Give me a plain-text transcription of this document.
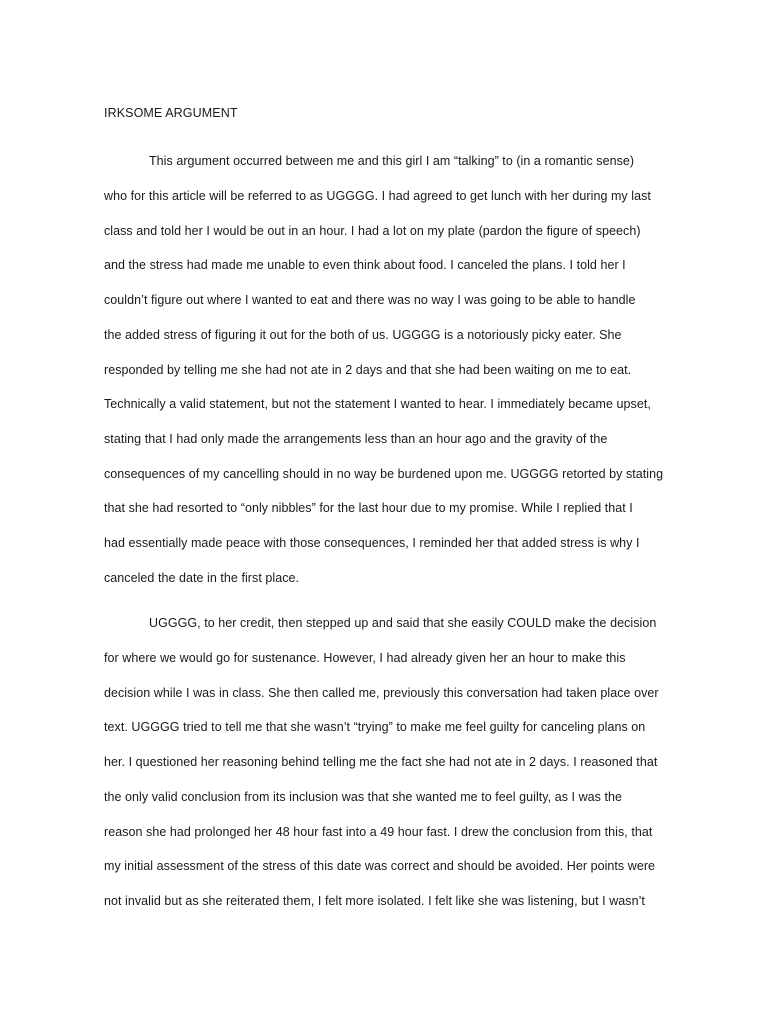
IRKSOME ARGUMENT
This argument occurred between me and this girl I am “talking” to (in a romantic sense)
who for this article will be referred to as UGGGG. I had agreed to get lunch with her during my last
class and told her I would be out in an hour. I had a lot on my plate (pardon the figure of speech)
and the stress had made me unable to even think about food. I canceled the plans. I told her I
couldn’t figure out where I wanted to eat and there was no way I was going to be able to handle
the added stress of figuring it out for the both of us. UGGGG is a notoriously picky eater. She
responded by telling me she had not ate in 2 days and that she had been waiting on me to eat.
Technically a valid statement, but not the statement I wanted to hear. I immediately became upset,
stating that I had only made the arrangements less than an hour ago and the gravity of the
consequences of my cancelling should in no way be burdened upon me. UGGGG retorted by stating
that she had resorted to “only nibbles” for the last hour due to my promise. While I replied that I
had essentially made peace with those consequences, I reminded her that added stress is why I
canceled the date in the first place.
UGGGG, to her credit, then stepped up and said that she easily COULD make the decision
for where we would go for sustenance. However, I had already given her an hour to make this
decision while I was in class. She then called me, previously this conversation had taken place over
text. UGGGG tried to tell me that she wasn’t “trying” to make me feel guilty for canceling plans on
her. I questioned her reasoning behind telling me the fact she had not ate in 2 days. I reasoned that
the only valid conclusion from its inclusion was that she wanted me to feel guilty, as I was the
reason she had prolonged her 48 hour fast into a 49 hour fast. I drew the conclusion from this, that
my initial assessment of the stress of this date was correct and should be avoided. Her points were
not invalid but as she reiterated them, I felt more isolated. I felt like she was listening, but I wasn’t
